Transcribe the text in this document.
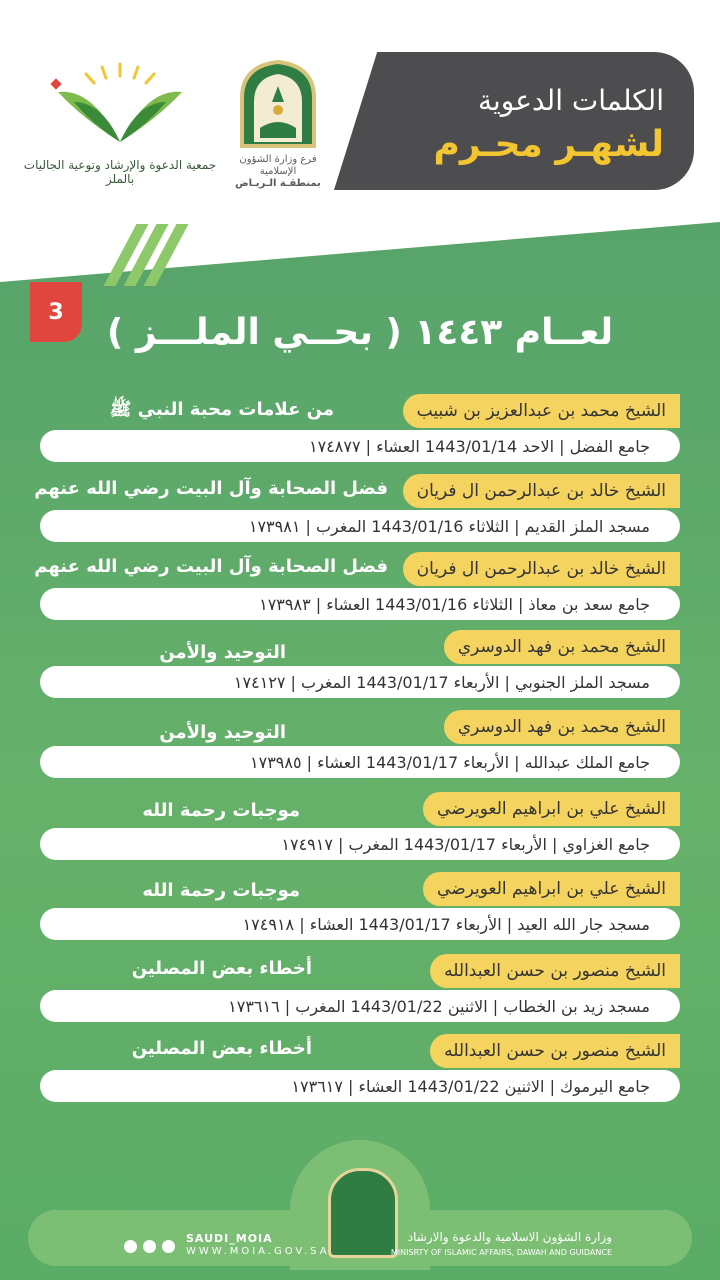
الكلمات الدعوية
لشهـر محـرم
فرع وزارة الشؤون الإسلامية
بمنطقـة الـريـاض
جمعية الدعوة والإرشاد وتوعية الجاليات بالملز
3	لعــام ١٤٤٣ ( بحــي الملـــز )
الشيخ محمد بن عبدالعزيز بن شبيب
من علامات محبة النبي ﷺ
جامع الفضل | الاحد 1443/01/14 العشاء | ١٧٤٨٧٧
الشيخ خالد بن عبدالرحمن ال فريان
فضل الصحابة وآل البيت رضي الله عنهم
مسجد الملز القديم | الثلاثاء 1443/01/16 المغرب | ١٧٣٩٨١
الشيخ خالد بن عبدالرحمن ال فريان
فضل الصحابة وآل البيت رضي الله عنهم
جامع سعد بن معاذ | الثلاثاء 1443/01/16 العشاء | ١٧٣٩٨٣
الشيخ محمد بن فهد الدوسري
التوحيد والأمن
مسجد الملز الجنوبي | الأربعاء 1443/01/17 المغرب | ١٧٤١٢٧
الشيخ محمد بن فهد الدوسري
التوحيد والأمن
جامع الملك عبدالله | الأربعاء 1443/01/17 العشاء | ١٧٣٩٨٥
الشيخ علي بن ابراهيم العويرضي
موجبات رحمة الله
جامع الغزاوي | الأربعاء 1443/01/17 المغرب | ١٧٤٩١٧
الشيخ علي بن ابراهيم العويرضي
موجبات رحمة الله
مسجد جار الله العيد | الأربعاء 1443/01/17 العشاء | ١٧٤٩١٨
الشيخ منصور بن حسن العبدالله
أخطاء بعض المصلين
مسجد زيد بن الخطاب | الاثنين 1443/01/22 المغرب | ١٧٣٦١٦
الشيخ منصور بن حسن العبدالله
أخطاء بعض المصلين
جامع اليرموك | الاثنين 1443/01/22 العشاء | ١٧٣٦١٧
SAUDI_MOIA
WWW.MOIA.GOV.SA
وزارة الشؤون الاسلامية والدعوة والارشاد
MINISRTY OF ISLAMIC AFFAIRS, DAWAH AND GUIDANCE
